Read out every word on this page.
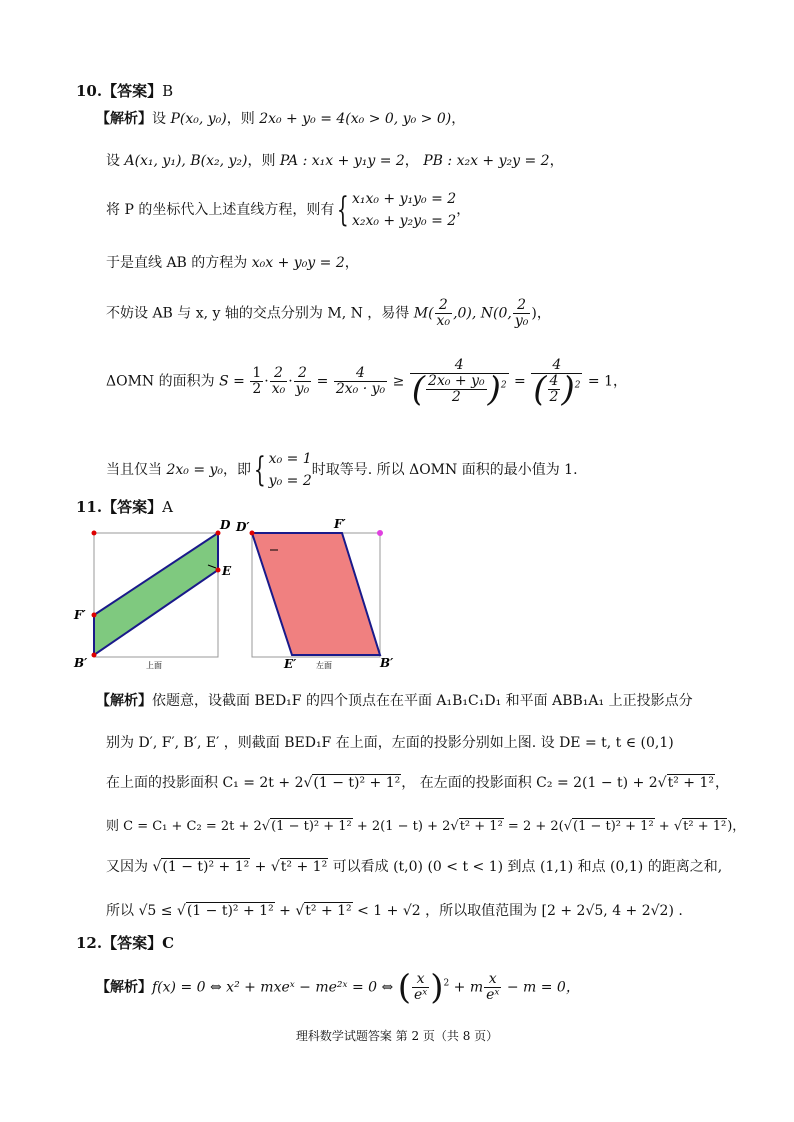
10.【答案】B
【解析】设 P(x₀, y₀)，则 2x₀ + y₀ = 4(x₀ > 0, y₀ > 0)，
设 A(x₁, y₁), B(x₂, y₂)，则 PA : x₁x + y₁y = 2， PB : x₂x + y₂y = 2，
将 P 的坐标代入上述直线方程，则有{ x₁x₀ + y₁y₀ = 2
x₂x₀ + y₂y₀ = 2
，
于是直线 AB 的方程为 x₀x + y₀y = 2，
不妨设 AB 与 x, y 轴的交点分别为 M, N ，易得 $M( \frac{2}{\text{x₀}} ,0)$, N(0, $\frac{2}{\text{y₀}}$ )，
ΔOMN 的面积为 $S = \frac{1}{2} \cdot \frac{2}{\text{x₀}} \cdot \frac{2}{\text{y₀}} = \frac{4}{\text{2x₀ · y₀}} \ge \frac{4}{( \frac{\text{2x₀ + y₀}}{2} )^2} = \frac{4}{( \frac{4}{2} )^2} = 1$，
当且仅当 2x₀ = y₀，即{ x₀ = 1
y₀ = 2
时取等号. 所以 ΔOMN 面积的最小值为 1.
11.【答案】A
D
E
F′
B′	上面
D′	F′
E′	B′
左面
【解析】依题意，设截面 BED₁F 的四个顶点在在平面 A₁B₁C₁D₁ 和平面 ABB₁A₁ 上正投影点分
别为 D′, F′, B′, E′ ，则截面 BED₁F 在上面，左面的投影分别如上图. 设 DE = t, t ∈ (0,1)
在上面的投影面积 C₁ = 2t + 2√(1 − t)² + 1²， 在左面的投影面积 C₂ = 2(1 − t) + 2√t² + 1²，
则 C = C₁ + C₂ = 2t + 2√(1 − t)² + 1² + 2(1 − t) + 2√t² + 1² = 2 + 2(√(1 − t)² + 1² + √t² + 1²)，
又因为 √(1 − t)² + 1² + √t² + 1² 可以看成 (t,0) (0 < t < 1) 到点 (1,1) 和点 (0,1) 的距离之和,
所以 √5 ≤ √(1 − t)² + 1² + √t² + 1² < 1 + √2 ，所以取值范围为 [2 + 2√5, 4 + 2√2) .
12.【答案】C
【解析】f(x) = 0 ⇔ x² + mxeˣ − me²ˣ = 0 ⇔ ( $\frac{x}{\text{eˣ}} )^2 + m \frac{x}{\text{eˣ}} - m = 0$，
理科数学试题答案 第 2 页（共 8 页）
